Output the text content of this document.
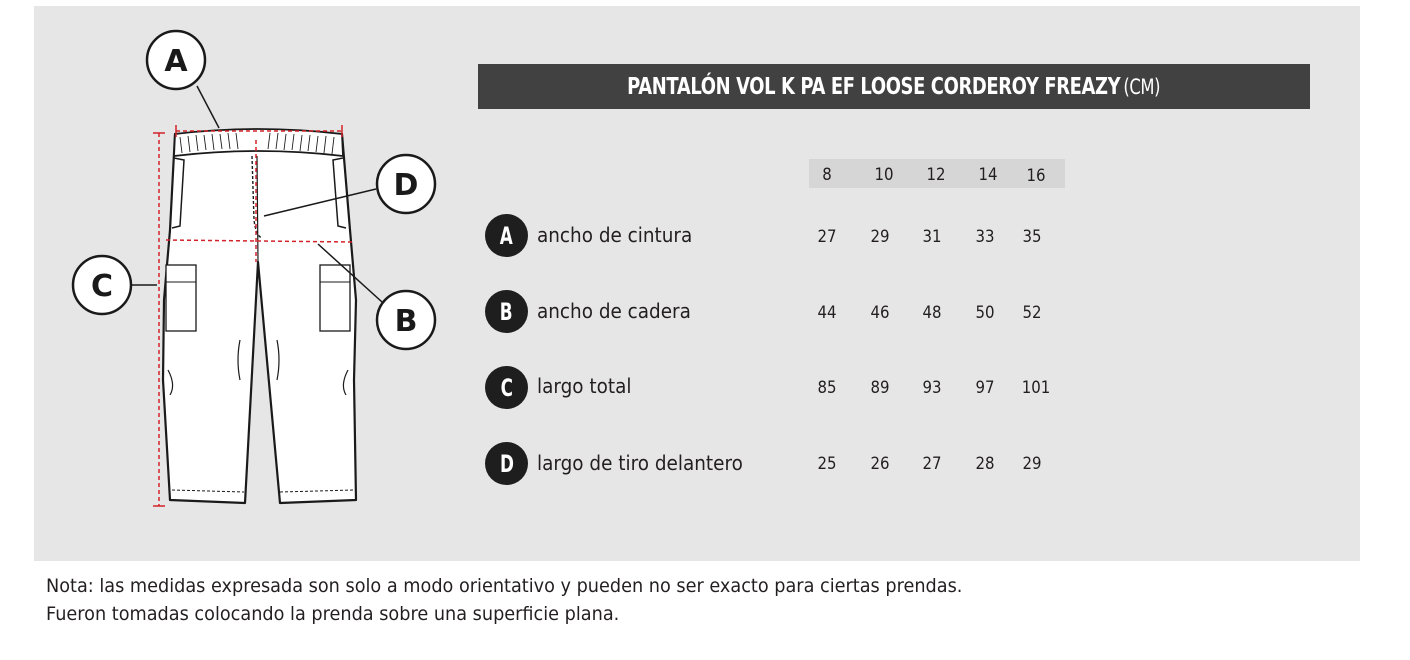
A
D
C
B
PANTALÓN VOL K PA EF LOOSE CORDEROY FREAZY (CM)
8	10	12	14	16
A ancho de cintura	27	29	31	33	35
B ancho de cadera	44	46	48	50	52
C largo total	85	89	93	97	101
D largo de tiro delantero	25	26	27	28	29
Nota: las medidas expresada son solo a modo orientativo y pueden no ser exacto para ciertas prendas.
Fueron tomadas colocando la prenda sobre una superficie plana.
